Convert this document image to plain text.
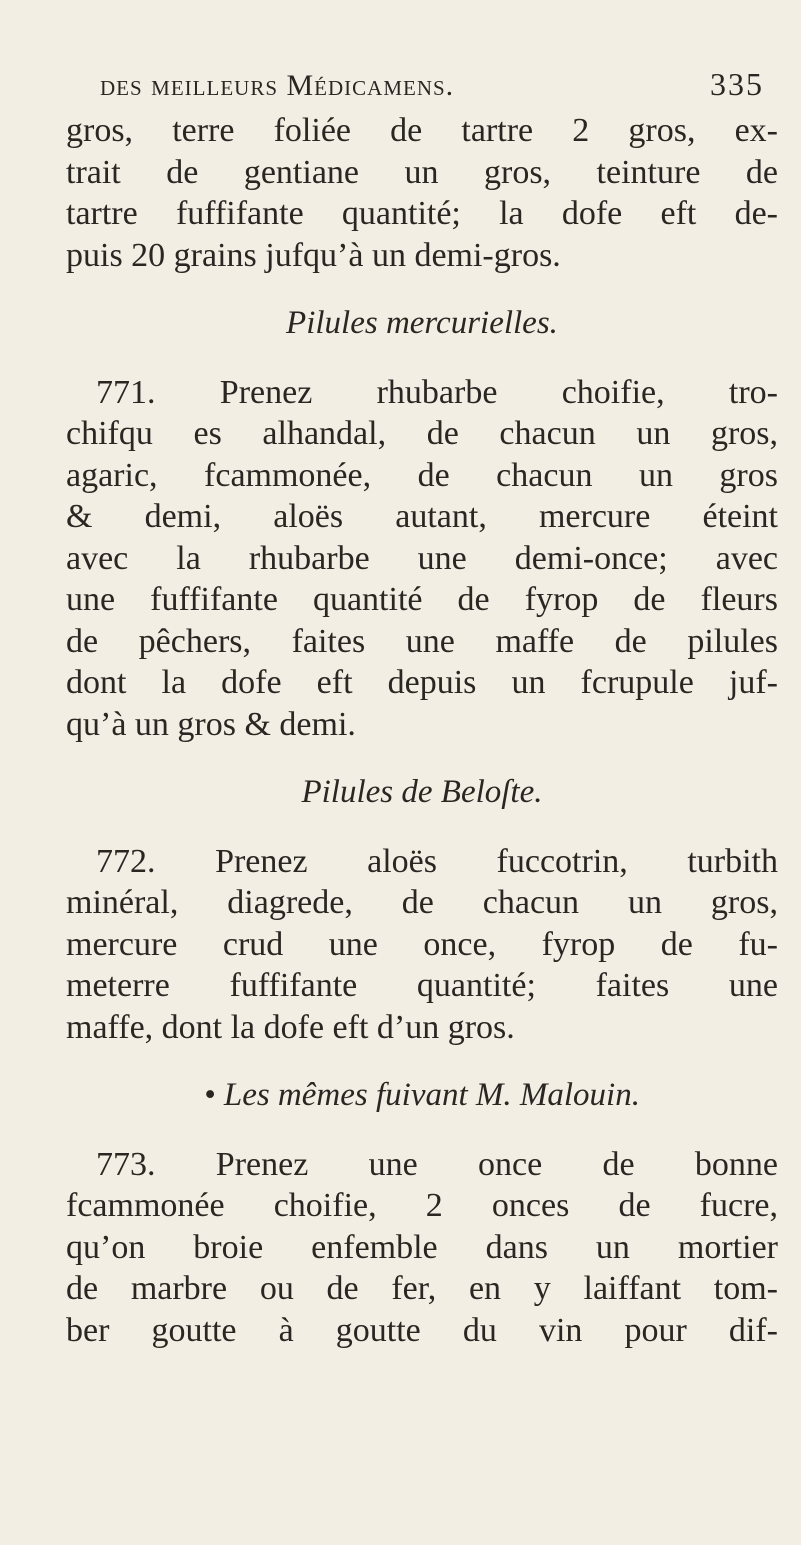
des meilleurs Médicamens.	335
gros, terre foliée de tartre 2 gros, ex-
trait de gentiane un gros, teinture de
tartre fuffifante quantité; la dofe eft de-
puis 20 grains jufqu’à un demi-gros.
Pilules mercurielles.
771. Prenez rhubarbe choifie, tro-
chifqu es alhandal, de chacun un gros,
agaric, fcammonée, de chacun un gros
& demi, aloës autant, mercure éteint
avec la rhubarbe une demi-once; avec
une fuffifante quantité de fyrop de fleurs
de pêchers, faites une maffe de pilules
dont la dofe eft depuis un fcrupule juf-
qu’à un gros & demi.
Pilules de Beloſte.
772. Prenez aloës fuccotrin, turbith
minéral, diagrede, de chacun un gros,
mercure crud une once, fyrop de fu-
meterre fuffifante quantité; faites une
maffe, dont la dofe eft d’un gros.
• Les mêmes fuivant M. Malouin.
773. Prenez une once de bonne
fcammonée choifie, 2 onces de fucre,
qu’on broie enfemble dans un mortier
de marbre ou de fer, en y laiffant tom-
ber goutte à goutte du vin pour dif-
